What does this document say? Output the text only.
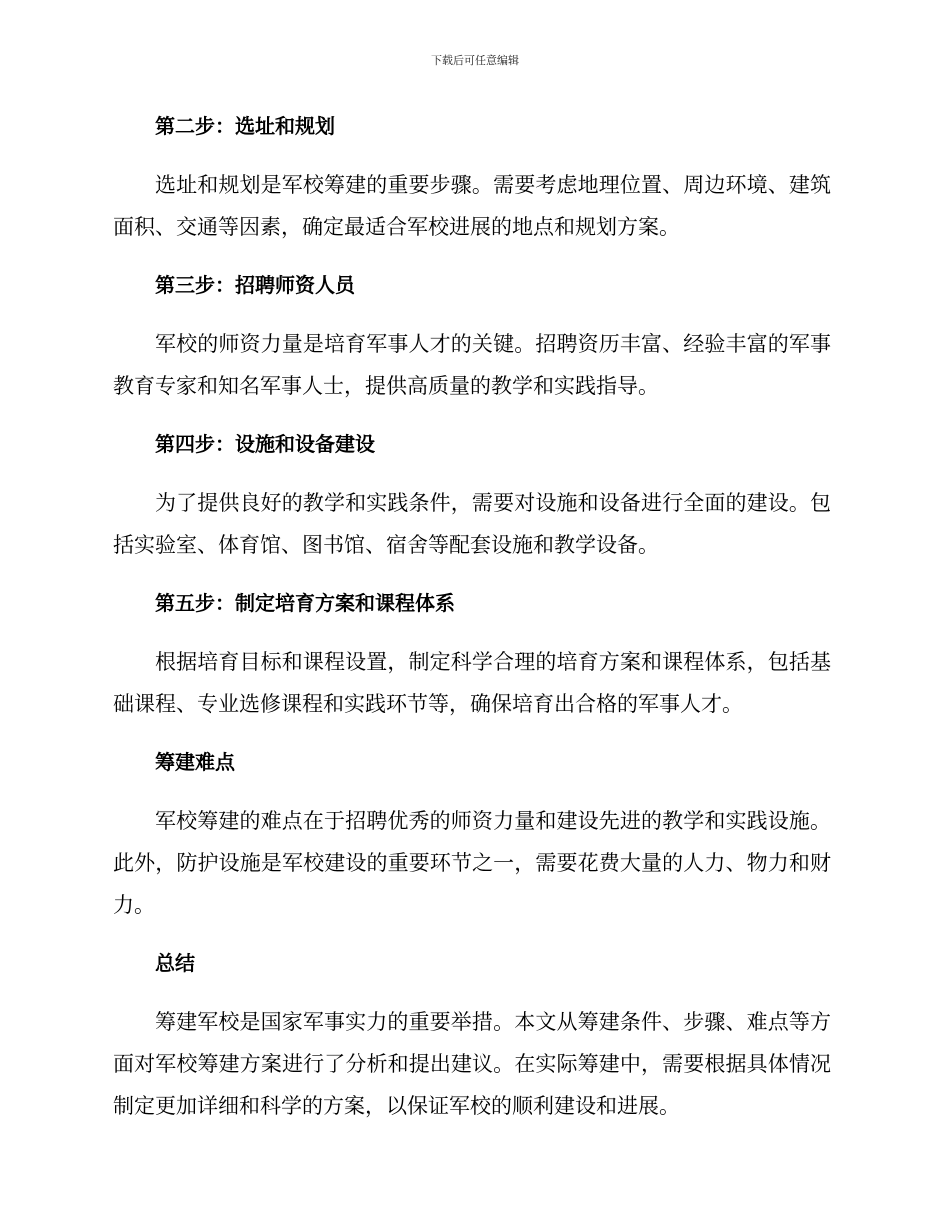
下载后可任意编辑
第二步：选址和规划

选址和规划是军校筹建的重要步骤。需要考虑地理位置、周边环境、建筑面积、交通等因素，确定最适合军校进展的地点和规划方案。

第三步：招聘师资人员

军校的师资力量是培育军事人才的关键。招聘资历丰富、经验丰富的军事教育专家和知名军事人士，提供高质量的教学和实践指导。

第四步：设施和设备建设

为了提供良好的教学和实践条件，需要对设施和设备进行全面的建设。包括实验室、体育馆、图书馆、宿舍等配套设施和教学设备。

第五步：制定培育方案和课程体系

根据培育目标和课程设置，制定科学合理的培育方案和课程体系，包括基础课程、专业选修课程和实践环节等，确保培育出合格的军事人才。

筹建难点

军校筹建的难点在于招聘优秀的师资力量和建设先进的教学和实践设施。此外，防护设施是军校建设的重要环节之一，需要花费大量的人力、物力和财力。

总结

筹建军校是国家军事实力的重要举措。本文从筹建条件、步骤、难点等方面对军校筹建方案进行了分析和提出建议。在实际筹建中，需要根据具体情况制定更加详细和科学的方案，以保证军校的顺利建设和进展。
